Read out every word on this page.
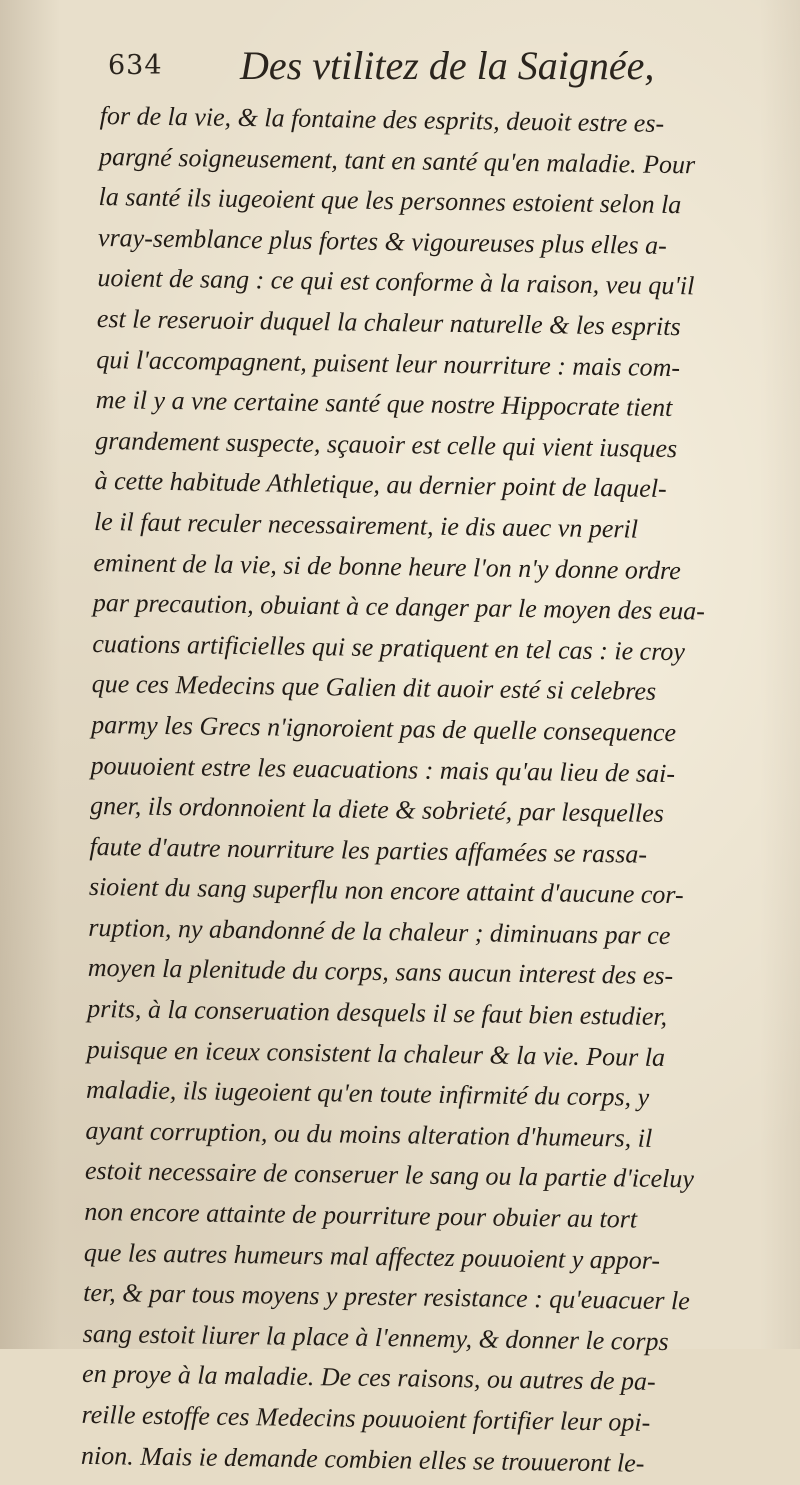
634 Des vtilitez de la Saignée,
for de la vie, & la fontaine des esprits, deuoit estre es-
pargné soigneusement, tant en santé qu'en maladie. Pour
la santé ils iugeoient que les personnes estoient selon la
vray-semblance plus fortes & vigoureuses plus elles a-
uoient de sang : ce qui est conforme à la raison, veu qu'il
est le reseruoir duquel la chaleur naturelle & les esprits
qui l'accompagnent, puisent leur nourriture : mais com-
me il y a vne certaine santé que nostre Hippocrate tient
grandement suspecte, sçauoir est celle qui vient iusques
à cette habitude Athletique, au dernier point de laquel-
le il faut reculer necessairement, ie dis auec vn peril
eminent de la vie, si de bonne heure l'on n'y donne ordre
par precaution, obuiant à ce danger par le moyen des eua-
cuations artificielles qui se pratiquent en tel cas : ie croy
que ces Medecins que Galien dit auoir esté si celebres
parmy les Grecs n'ignoroient pas de quelle consequence
pouuoient estre les euacuations : mais qu'au lieu de sai-
gner, ils ordonnoient la diete & sobrieté, par lesquelles
faute d'autre nourriture les parties affamées se rassa-
sioient du sang superflu non encore attaint d'aucune cor-
ruption, ny abandonné de la chaleur ; diminuans par ce
moyen la plenitude du corps, sans aucun interest des es-
prits, à la conseruation desquels il se faut bien estudier,
puisque en iceux consistent la chaleur & la vie. Pour la
maladie, ils iugeoient qu'en toute infirmité du corps, y
ayant corruption, ou du moins alteration d'humeurs, il
estoit necessaire de conseruer le sang ou la partie d'iceluy
non encore attainte de pourriture pour obuier au tort
que les autres humeurs mal affectez pouuoient y appor-
ter, & par tous moyens y prester resistance : qu'euacuer le
sang estoit liurer la place à l'ennemy, & donner le corps
en proye à la maladie. De ces raisons, ou autres de pa-
reille estoffe ces Medecins pouuoient fortifier leur opi-
nion. Mais ie demande combien elles se trouueront le-
